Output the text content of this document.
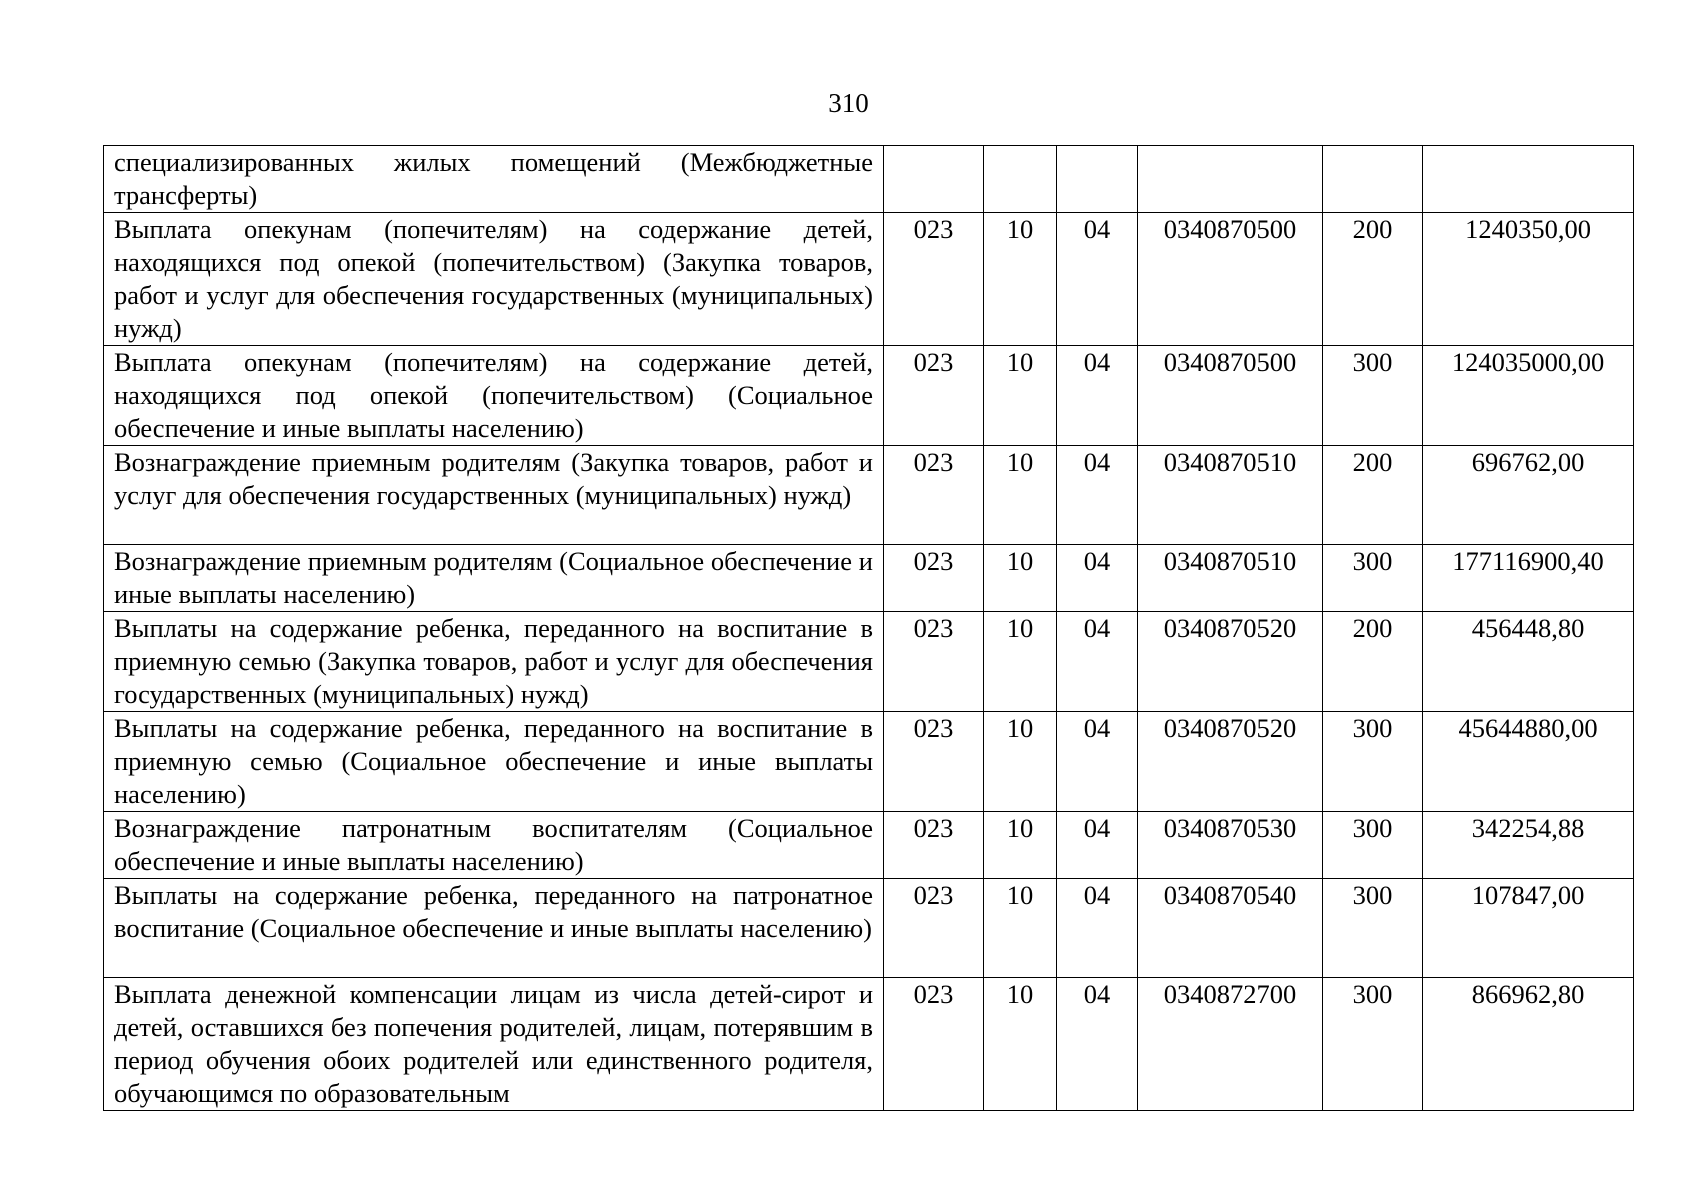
310
специализированных жилых помещений (Межбюджетные трансферты)						
Выплата опекунам (попечителям) на содержание детей, находящихся под опекой (попечительством) (Закупка товаров, работ и услуг для обеспечения государственных (муниципальных) нужд)	023	10	04	0340870500	200	1240350,00
Выплата опекунам (попечителям) на содержание детей, находящихся под опекой (попечительством) (Социальное обеспечение и иные выплаты населению)	023	10	04	0340870500	300	124035000,00
Вознаграждение приемным родителям (Закупка товаров, работ и услуг для обеспечения государственных (муниципальных) нужд)	023	10	04	0340870510	200	696762,00
Вознаграждение приемным родителям (Социальное обеспечение и иные выплаты населению)	023	10	04	0340870510	300	177116900,40
Выплаты на содержание ребенка, переданного на воспитание в приемную семью (Закупка товаров, работ и услуг для обеспечения государственных (муниципальных) нужд)	023	10	04	0340870520	200	456448,80
Выплаты на содержание ребенка, переданного на воспитание в приемную семью (Социальное обеспечение и иные выплаты населению)	023	10	04	0340870520	300	45644880,00
Вознаграждение патронатным воспитателям (Социальное обеспечение и иные выплаты населению)	023	10	04	0340870530	300	342254,88
Выплаты на содержание ребенка, переданного на патронатное воспитание (Социальное обеспечение и иные выплаты населению)	023	10	04	0340870540	300	107847,00
Выплата денежной компенсации лицам из числа детей-сирот и детей, оставшихся без попечения родителей, лицам, потерявшим в период обучения обоих родителей или единственного родителя, обучающимся по образовательным	023	10	04	0340872700	300	866962,80
